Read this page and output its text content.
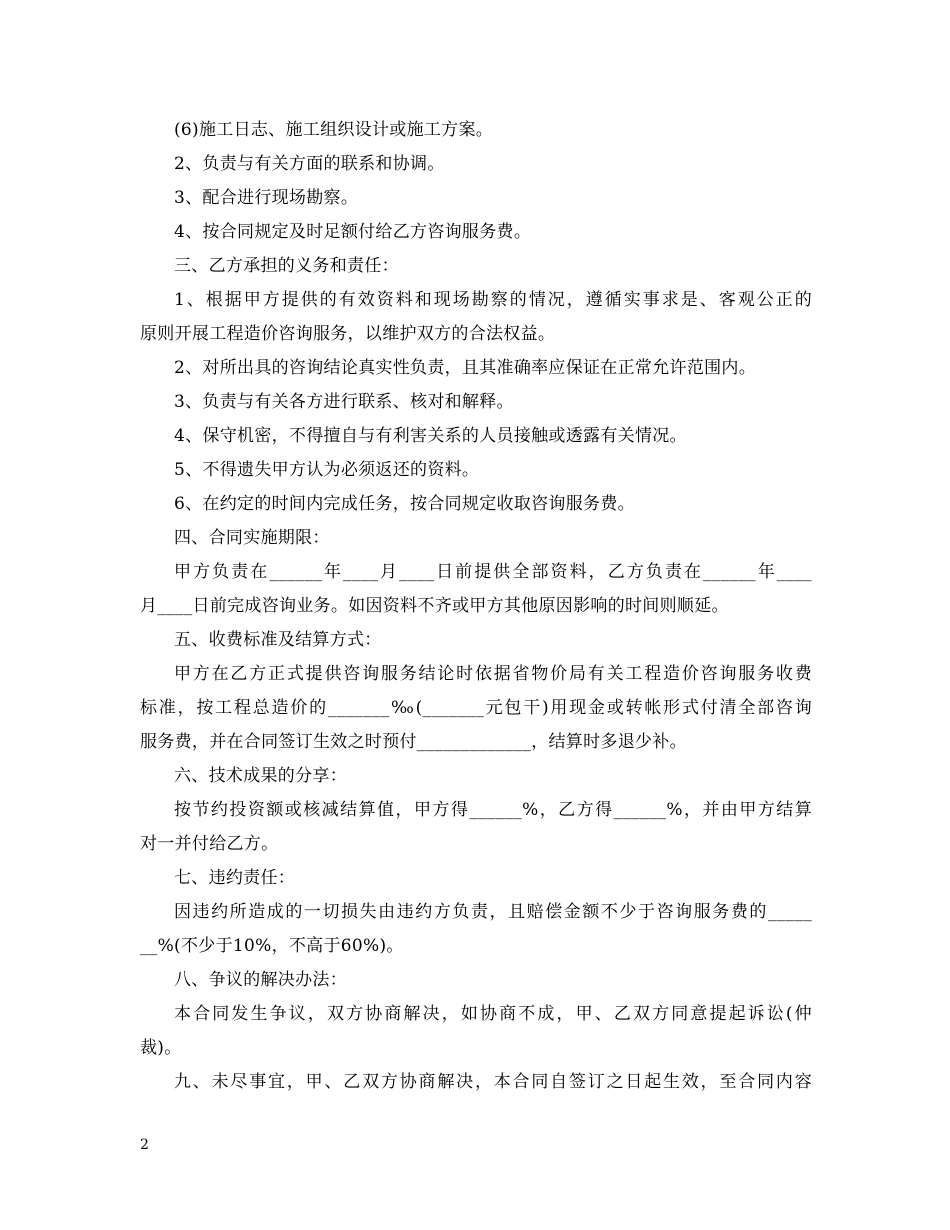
(6)施工日志、施工组织设计或施工方案。
2、负责与有关方面的联系和协调。
3、配合进行现场勘察。
4、按合同规定及时足额付给乙方咨询服务费。
三、乙方承担的义务和责任：
1、根据甲方提供的有效资料和现场勘察的情况，遵循实事求是、客观公正的
原则开展工程造价咨询服务，以维护双方的合法权益。
2、对所出具的咨询结论真实性负责，且其准确率应保证在正常允许范围内。
3、负责与有关各方进行联系、核对和解释。
4、保守机密，不得擅自与有利害关系的人员接触或透露有关情况。
5、不得遗失甲方认为必须返还的资料。
6、在约定的时间内完成任务，按合同规定收取咨询服务费。
四、合同实施期限：
甲方负责在______年____月____日前提供全部资料，乙方负责在______年____
月____日前完成咨询业务。如因资料不齐或甲方其他原因影响的时间则顺延。
五、收费标准及结算方式：
甲方在乙方正式提供咨询服务结论时依据省物价局有关工程造价咨询服务收费
标准，按工程总造价的_______‰(_______元包干)用现金或转帐形式付清全部咨询
服务费，并在合同签订生效之时预付_____________，结算时多退少补。
六、技术成果的分享：
按节约投资额或核减结算值，甲方得______%，乙方得______%，并由甲方结算
对一并付给乙方。
七、违约责任：
因违约所造成的一切损失由违约方负责，且赔偿金额不少于咨询服务费的_____
__%(不少于10%，不高于60%)。
八、争议的解决办法：
本合同发生争议，双方协商解决，如协商不成，甲、乙双方同意提起诉讼(仲
裁)。
九、未尽事宜，甲、乙双方协商解决，本合同自签订之日起生效，至合同内容
2
